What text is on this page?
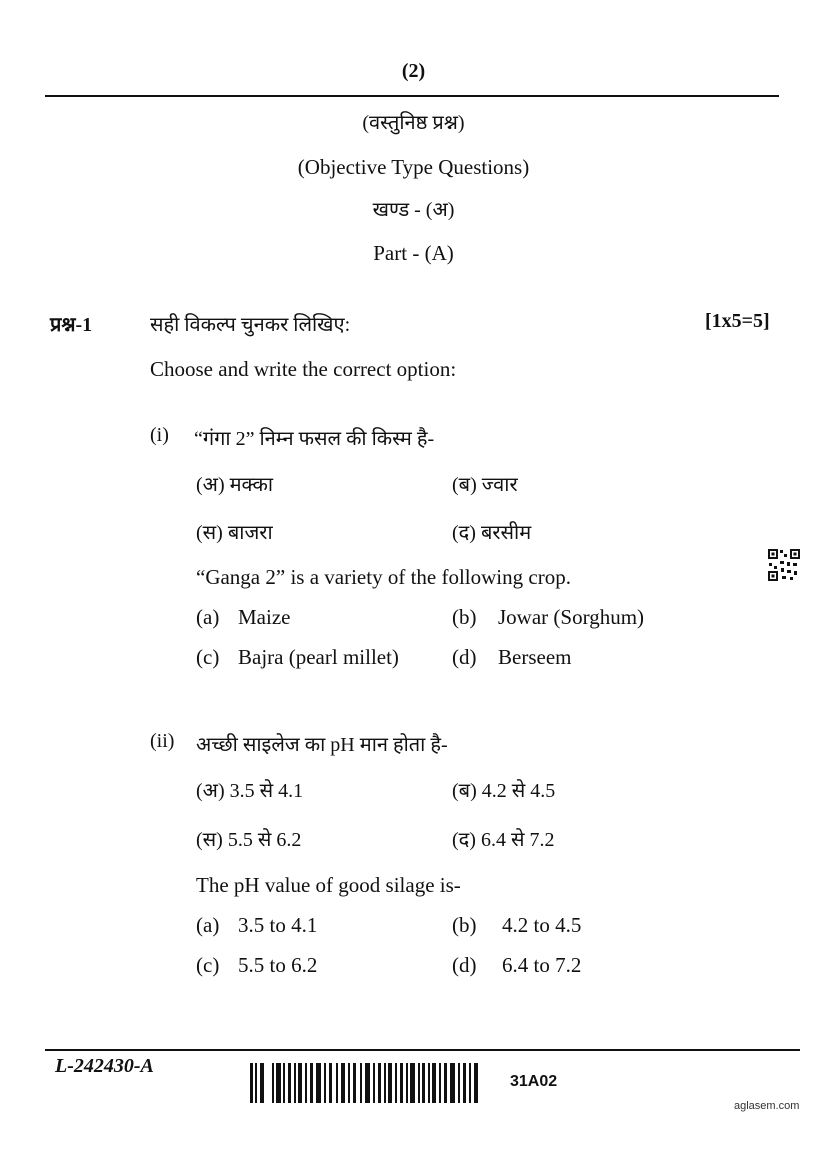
(2)
(वस्तुनिष्ठ प्रश्न)
(Objective Type Questions)
खण्ड - (अ)
Part - (A)
प्रश्न-1	सही विकल्प चुनकर लिखिए:	[1x5=5]
Choose and write the correct option:
(i) “गंगा 2” निम्न फसल की किस्म है-
(अ) मक्का	(ब) ज्वार
(स) बाजरा	(द) बरसीम
“Ganga 2” is a variety of the following crop.
(a) Maize	(b) Jowar (Sorghum)
(c) Bajra (pearl millet)	(d) Berseem
(ii) अच्छी साइलेज का pH मान होता है-
(अ) 3.5 से 4.1	(ब) 4.2 से 4.5
(स) 5.5 से 6.2	(द) 6.4 से 7.2
The pH value of good silage is-
(a) 3.5 to 4.1	(b) 4.2 to 4.5
(c) 5.5 to 6.2	(d) 6.4 to 7.2
L-242430-A
31A02
aglasem.com
